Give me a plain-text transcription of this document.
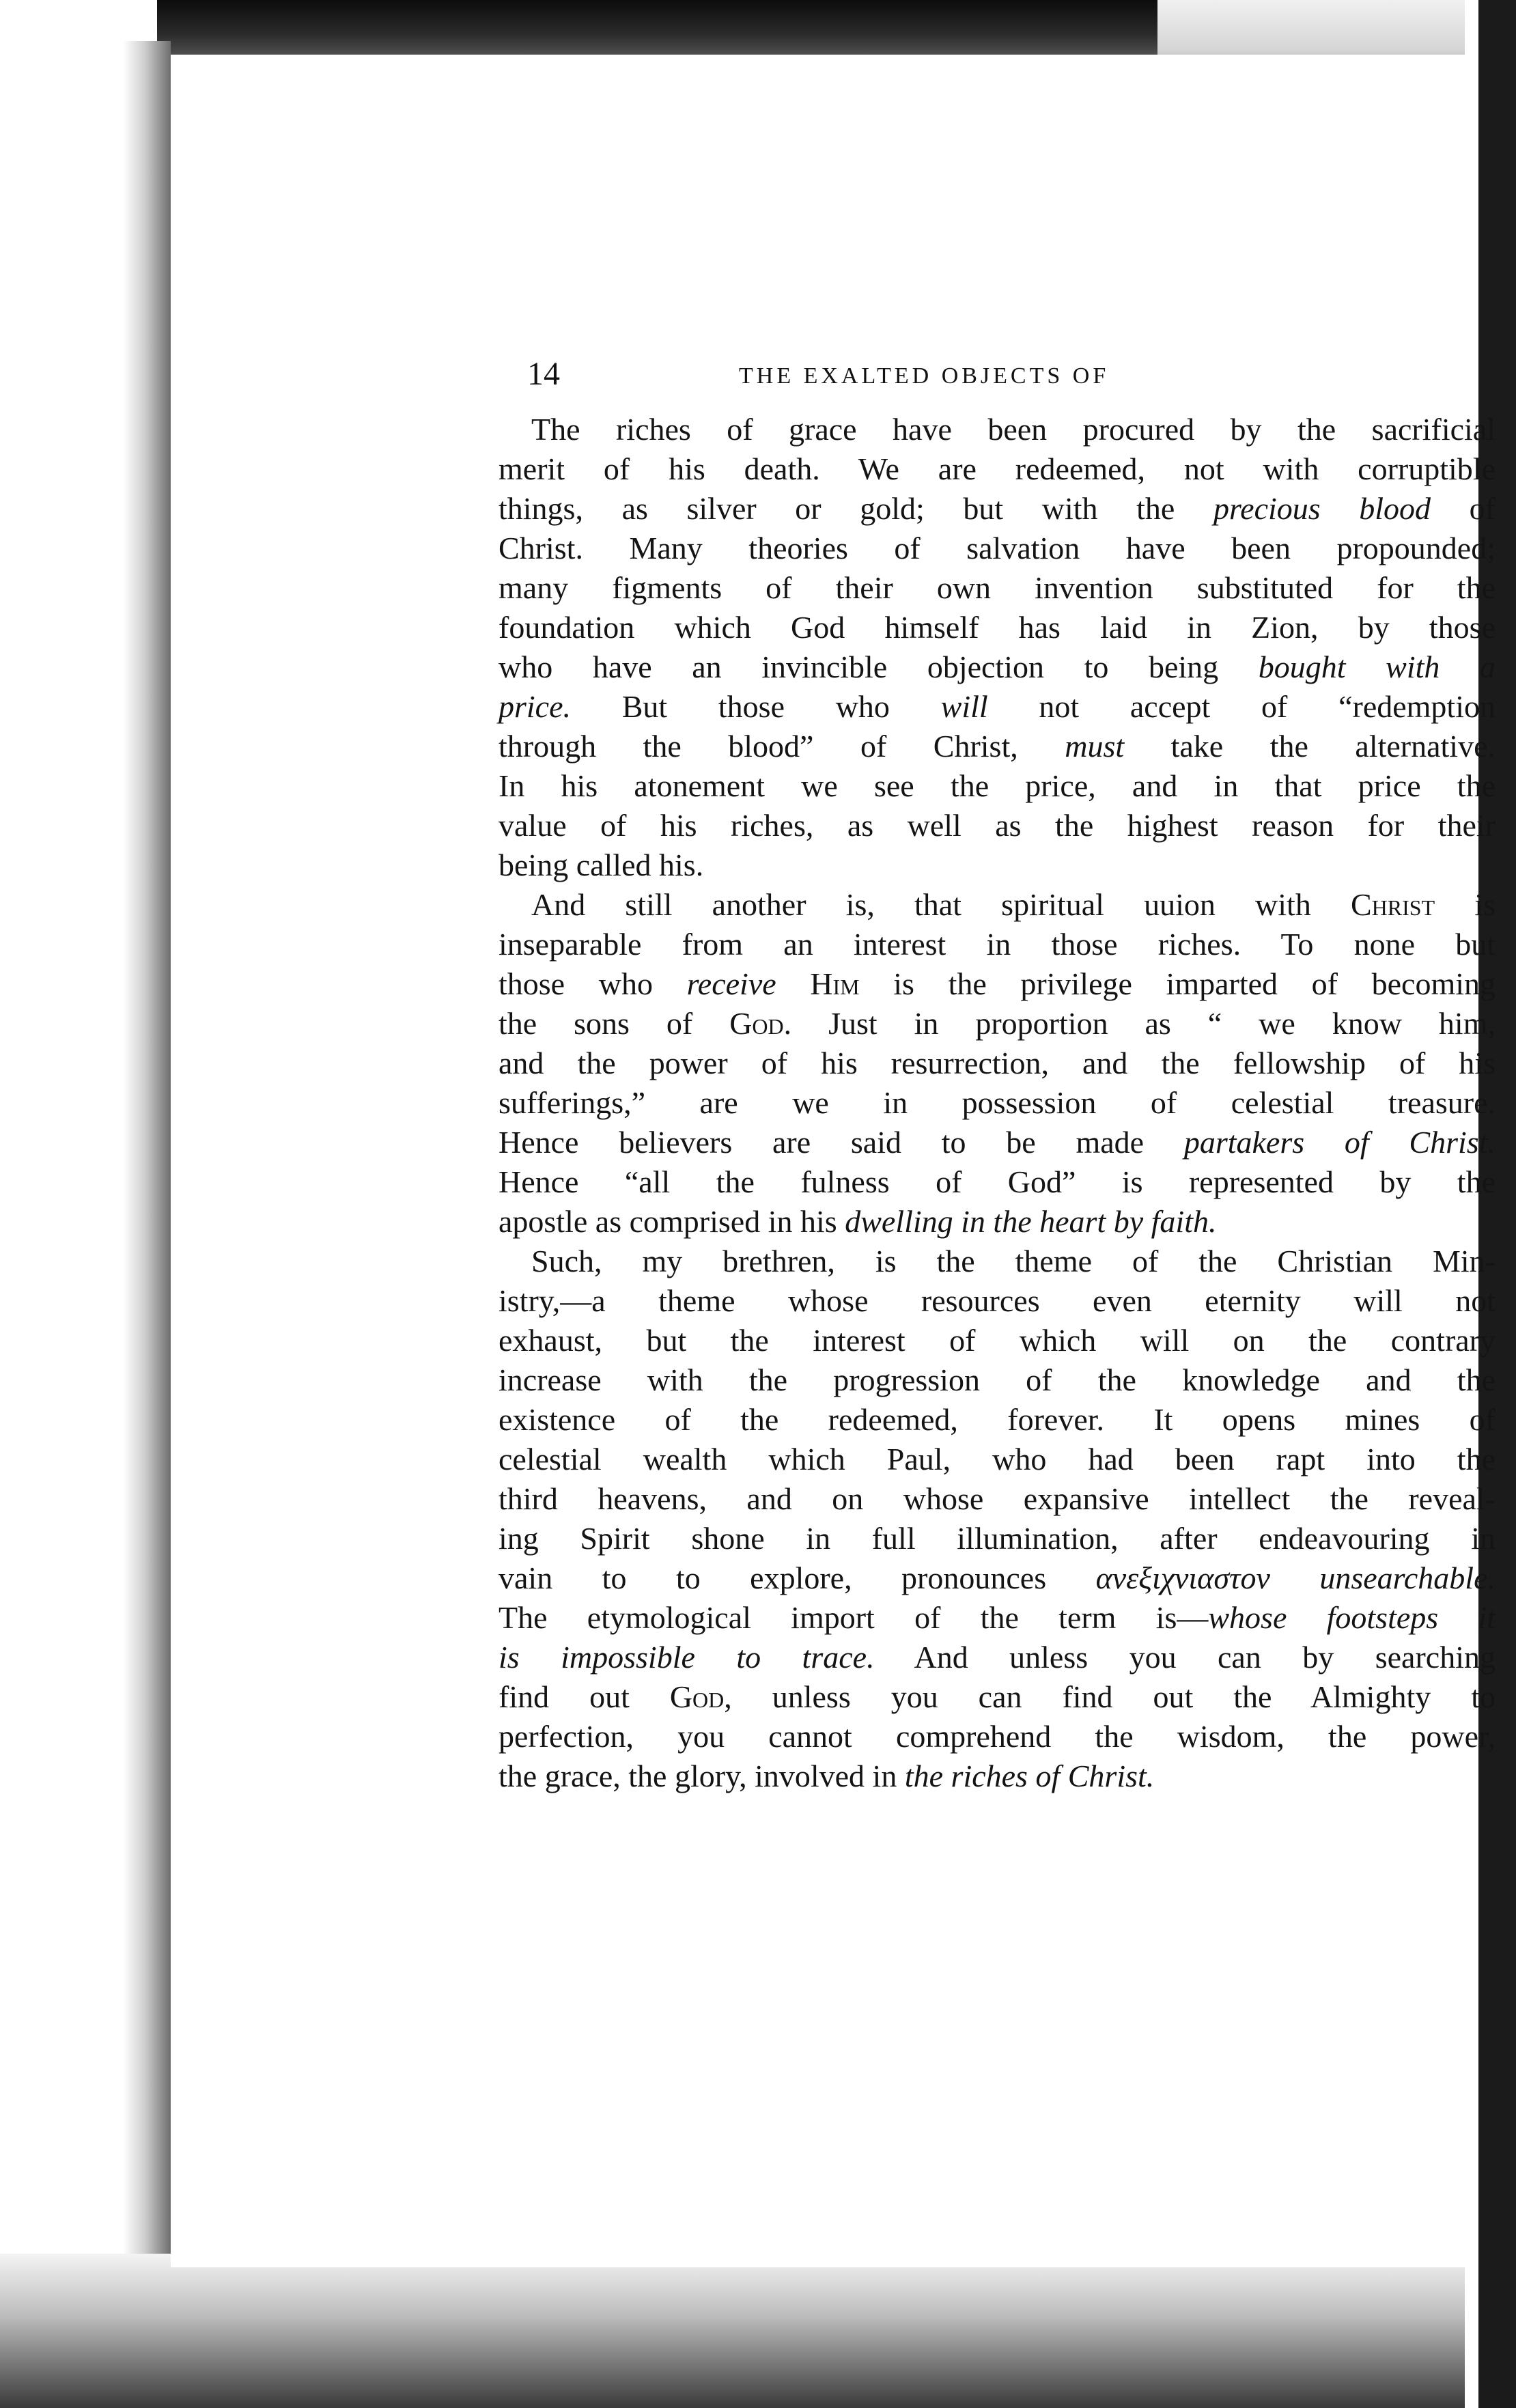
14	THE EXALTED OBJECTS OF
The riches of grace have been procured by the sacrificial
merit of his death. We are redeemed, not with corruptible
things, as silver or gold; but with the precious blood of
Christ. Many theories of salvation have been propounded;
many figments of their own invention substituted for the
foundation which God himself has laid in Zion, by those
who have an invincible objection to being bought with a
price. But those who will not accept of “redemption
through the blood” of Christ, must take the alternative.
In his atonement we see the price, and in that price the
value of his riches, as well as the highest reason for their
being called his.
And still another is, that spiritual uuion with Christ is
inseparable from an interest in those riches. To none but
those who receive Him is the privilege imparted of becoming
the sons of God. Just in proportion as “ we know him,
and the power of his resurrection, and the fellowship of his
sufferings,” are we in possession of celestial treasure.
Hence believers are said to be made partakers of Christ.
Hence “all the fulness of God” is represented by the
apostle as comprised in his dwelling in the heart by faith.
Such, my brethren, is the theme of the Christian Min-
istry,—a theme whose resources even eternity will not
exhaust, but the interest of which will on the contrary
increase with the progression of the knowledge and the
existence of the redeemed, forever. It opens mines of
celestial wealth which Paul, who had been rapt into the
third heavens, and on whose expansive intellect the reveal-
ing Spirit shone in full illumination, after endeavouring in
vain to to explore, pronounces ανεξιχνιαστον unsearchable.
The etymological import of the term is—whose footsteps it
is impossible to trace. And unless you can by searching
find out God, unless you can find out the Almighty to
perfection, you cannot comprehend the wisdom, the power,
the grace, the glory, involved in the riches of Christ.
